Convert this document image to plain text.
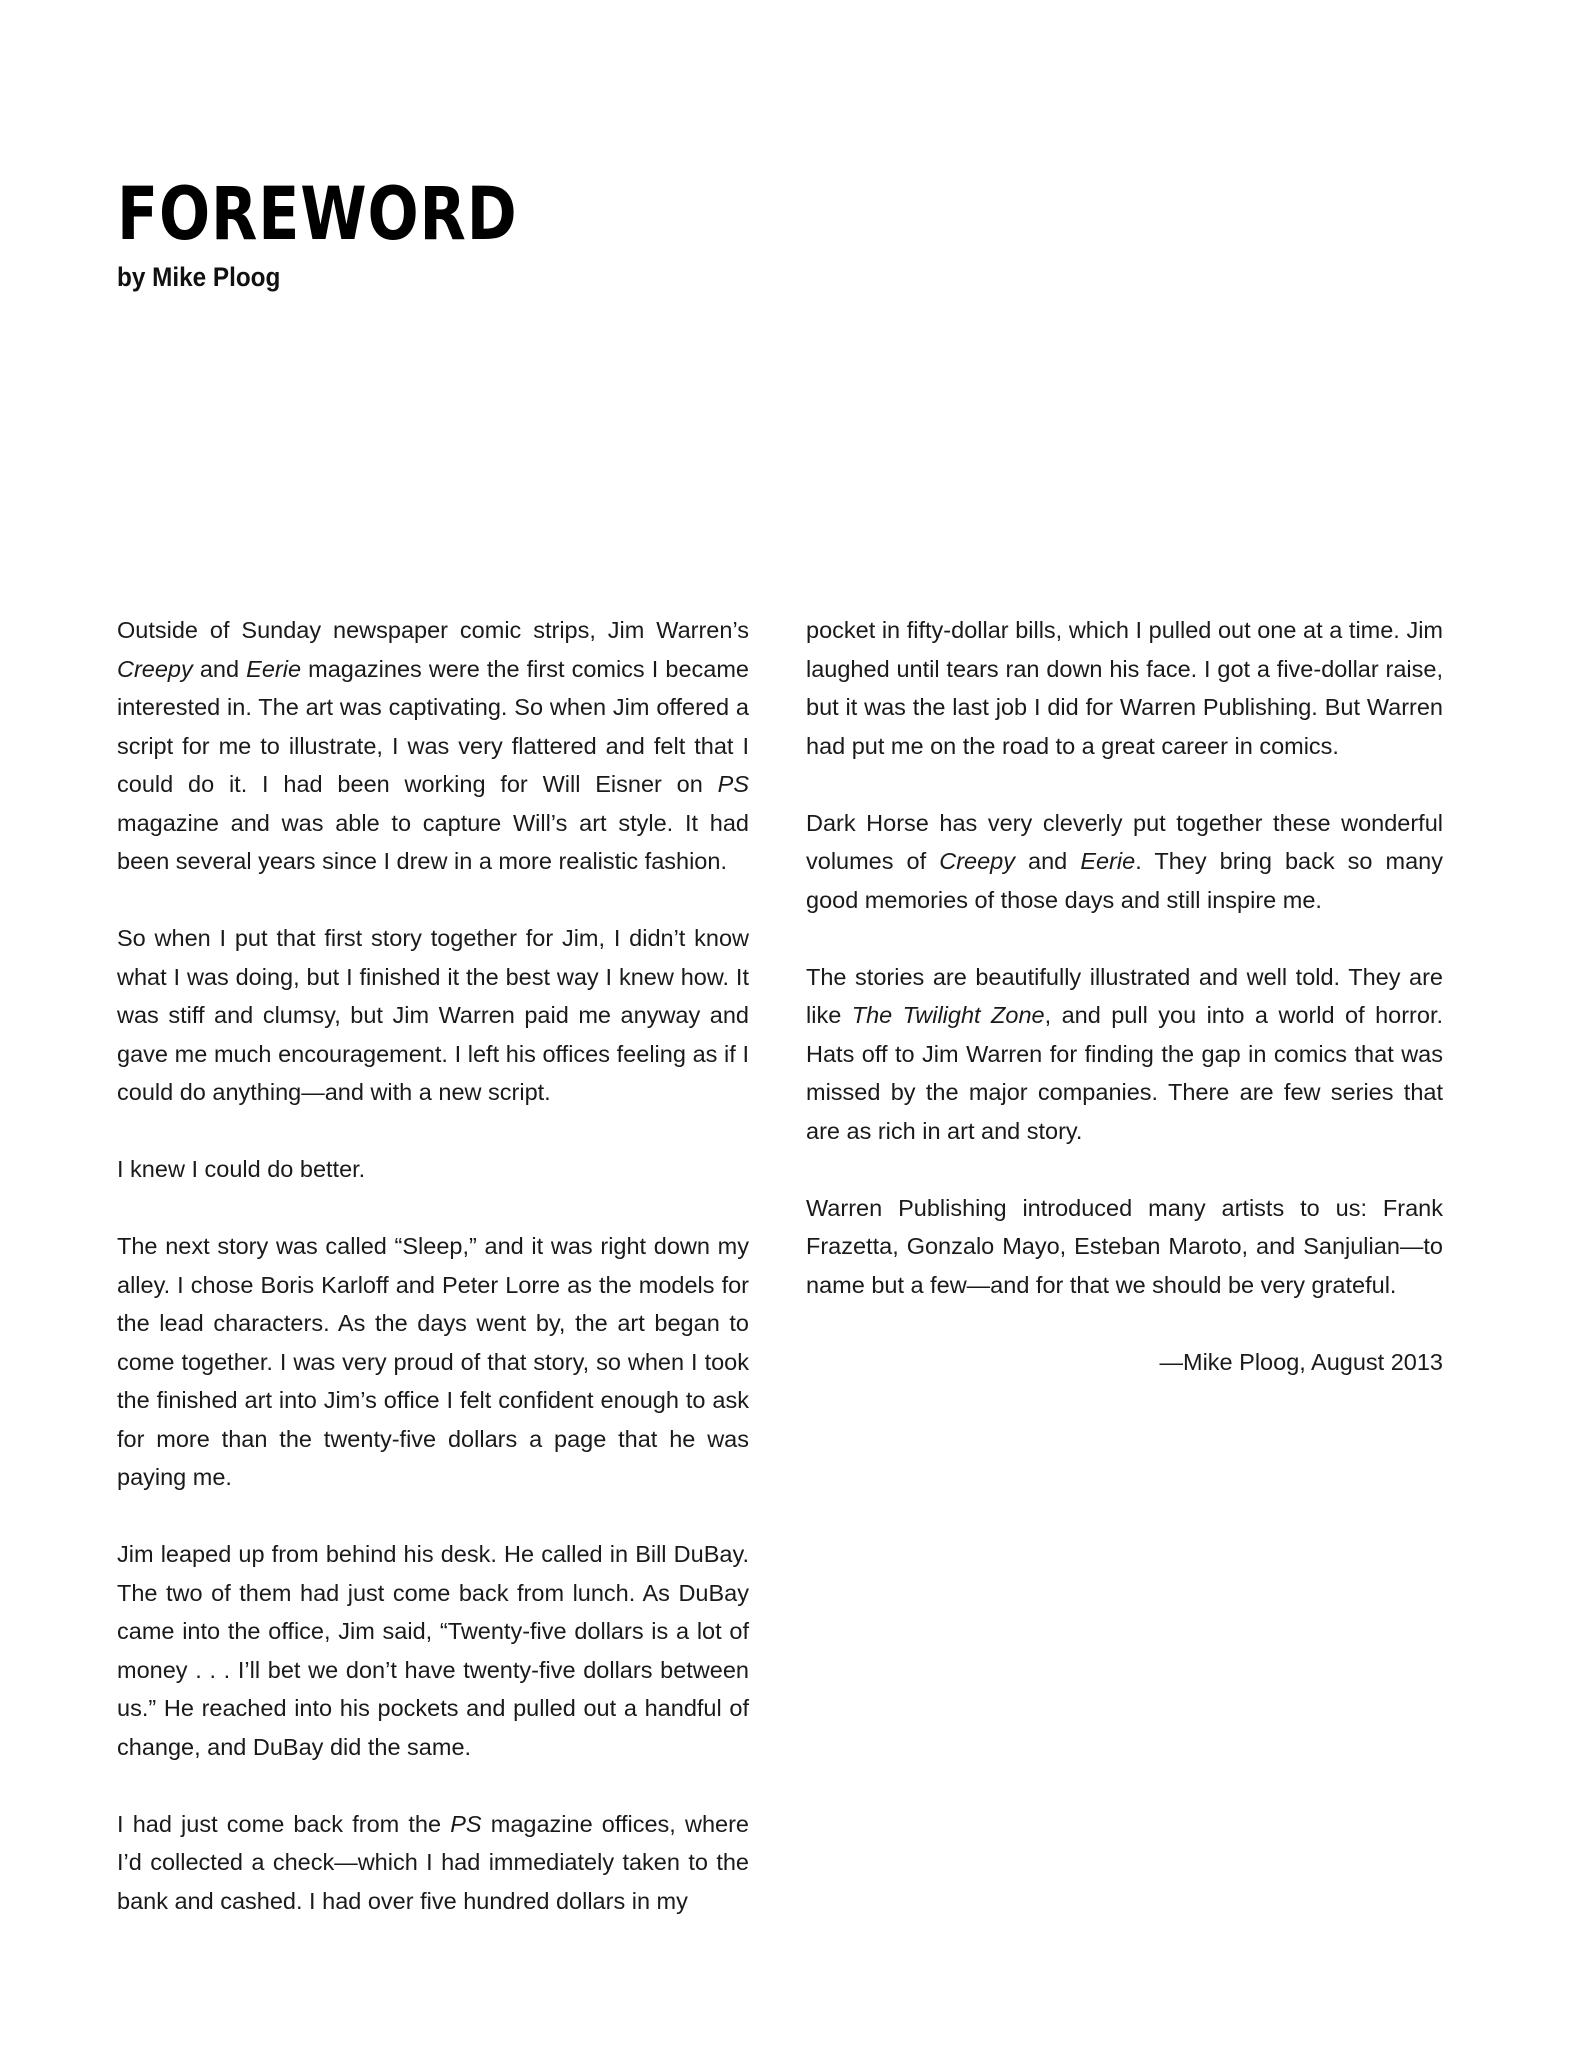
FOREWORD
by Mike Ploog

Outside of Sunday newspaper comic strips, Jim Warren’s Creepy and Eerie magazines were the first comics I became interested in. The art was captivating. So when Jim offered a script for me to illustrate, I was very flattered and felt that I could do it. I had been working for Will Eisner on PS magazine and was able to capture Will’s art style. It had been several years since I drew in a more realistic fashion.

So when I put that first story together for Jim, I didn’t know what I was doing, but I finished it the best way I knew how. It was stiff and clumsy, but Jim Warren paid me anyway and gave me much encouragement. I left his offices feeling as if I could do anything—and with a new script.

I knew I could do better.

The next story was called “Sleep,” and it was right down my alley. I chose Boris Karloff and Peter Lorre as the models for the lead characters. As the days went by, the art began to come together. I was very proud of that story, so when I took the finished art into Jim’s office I felt confident enough to ask for more than the twenty-five dollars a page that he was paying me.

Jim leaped up from behind his desk. He called in Bill DuBay. The two of them had just come back from lunch. As DuBay came into the office, Jim said, “Twenty-five dollars is a lot of money . . . I’ll bet we don’t have twenty-five dollars between us.” He reached into his pockets and pulled out a handful of change, and DuBay did the same.

I had just come back from the PS magazine offices, where I’d collected a check—which I had immediately taken to the bank and cashed. I had over five hundred dollars in my

pocket in fifty-dollar bills, which I pulled out one at a time. Jim laughed until tears ran down his face. I got a five-dollar raise, but it was the last job I did for Warren Publishing. But Warren had put me on the road to a great career in comics.

Dark Horse has very cleverly put together these wonderful volumes of Creepy and Eerie. They bring back so many good memories of those days and still inspire me.

The stories are beautifully illustrated and well told. They are like The Twilight Zone, and pull you into a world of horror. Hats off to Jim Warren for finding the gap in comics that was missed by the major companies. There are few series that are as rich in art and story.

Warren Publishing introduced many artists to us: Frank Frazetta, Gonzalo Mayo, Esteban Maroto, and Sanjulian—to name but a few—and for that we should be very grateful.

—Mike Ploog, August 2013
